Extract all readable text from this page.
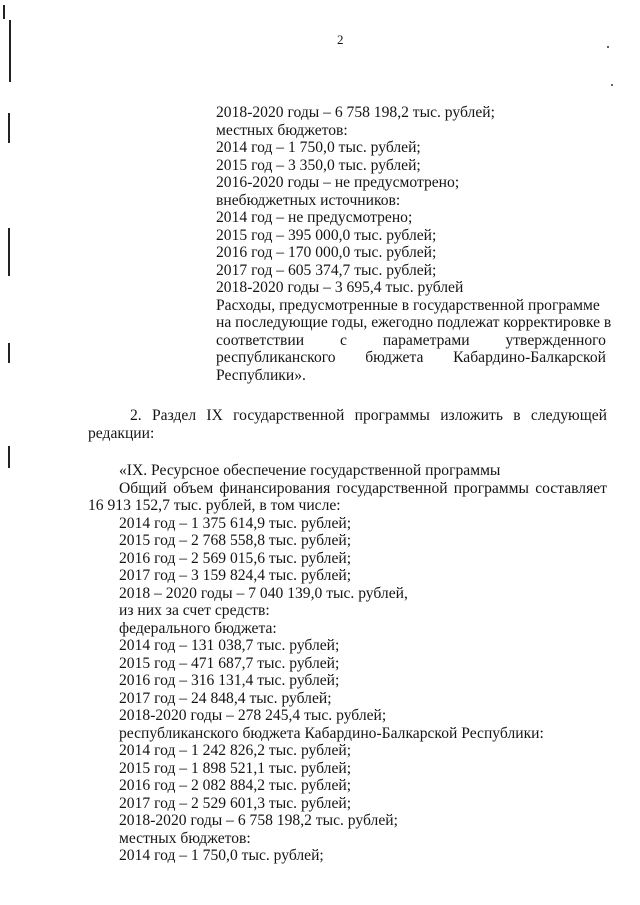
2
2018-2020 годы – 6 758 198,2 тыс. рублей;
местных бюджетов:
2014 год – 1 750,0 тыс. рублей;
2015 год – 3 350,0 тыс. рублей;
2016-2020 годы – не предусмотрено;
внебюджетных источников:
2014 год – не предусмотрено;
2015 год – 395 000,0 тыс. рублей;
2016 год – 170 000,0 тыс. рублей;
2017 год – 605 374,7 тыс. рублей;
2018-2020 годы – 3 695,4 тыс. рублей
Расходы, предусмотренные в государственной программе
на последующие годы, ежегодно подлежат корректировке в
соответствии с параметрами утвержденного
республиканского бюджета Кабардино-Балкарской
Республики».
2. Раздел IX государственной программы изложить в следующей
редакции:
«IX. Ресурсное обеспечение государственной программы
Общий объем финансирования государственной программы составляет
16 913 152,7 тыс. рублей, в том числе:
2014 год – 1 375 614,9 тыс. рублей;
2015 год – 2 768 558,8 тыс. рублей;
2016 год – 2 569 015,6 тыс. рублей;
2017 год – 3 159 824,4 тыс. рублей;
2018 – 2020 годы – 7 040 139,0 тыс. рублей,
из них за счет средств:
федерального бюджета:
2014 год – 131 038,7 тыс. рублей;
2015 год – 471 687,7 тыс. рублей;
2016 год – 316 131,4 тыс. рублей;
2017 год – 24 848,4 тыс. рублей;
2018-2020 годы – 278 245,4 тыс. рублей;
республиканского бюджета Кабардино-Балкарской Республики:
2014 год – 1 242 826,2 тыс. рублей;
2015 год – 1 898 521,1 тыс. рублей;
2016 год – 2 082 884,2 тыс. рублей;
2017 год – 2 529 601,3 тыс. рублей;
2018-2020 годы – 6 758 198,2 тыс. рублей;
местных бюджетов:
2014 год – 1 750,0 тыс. рублей;
